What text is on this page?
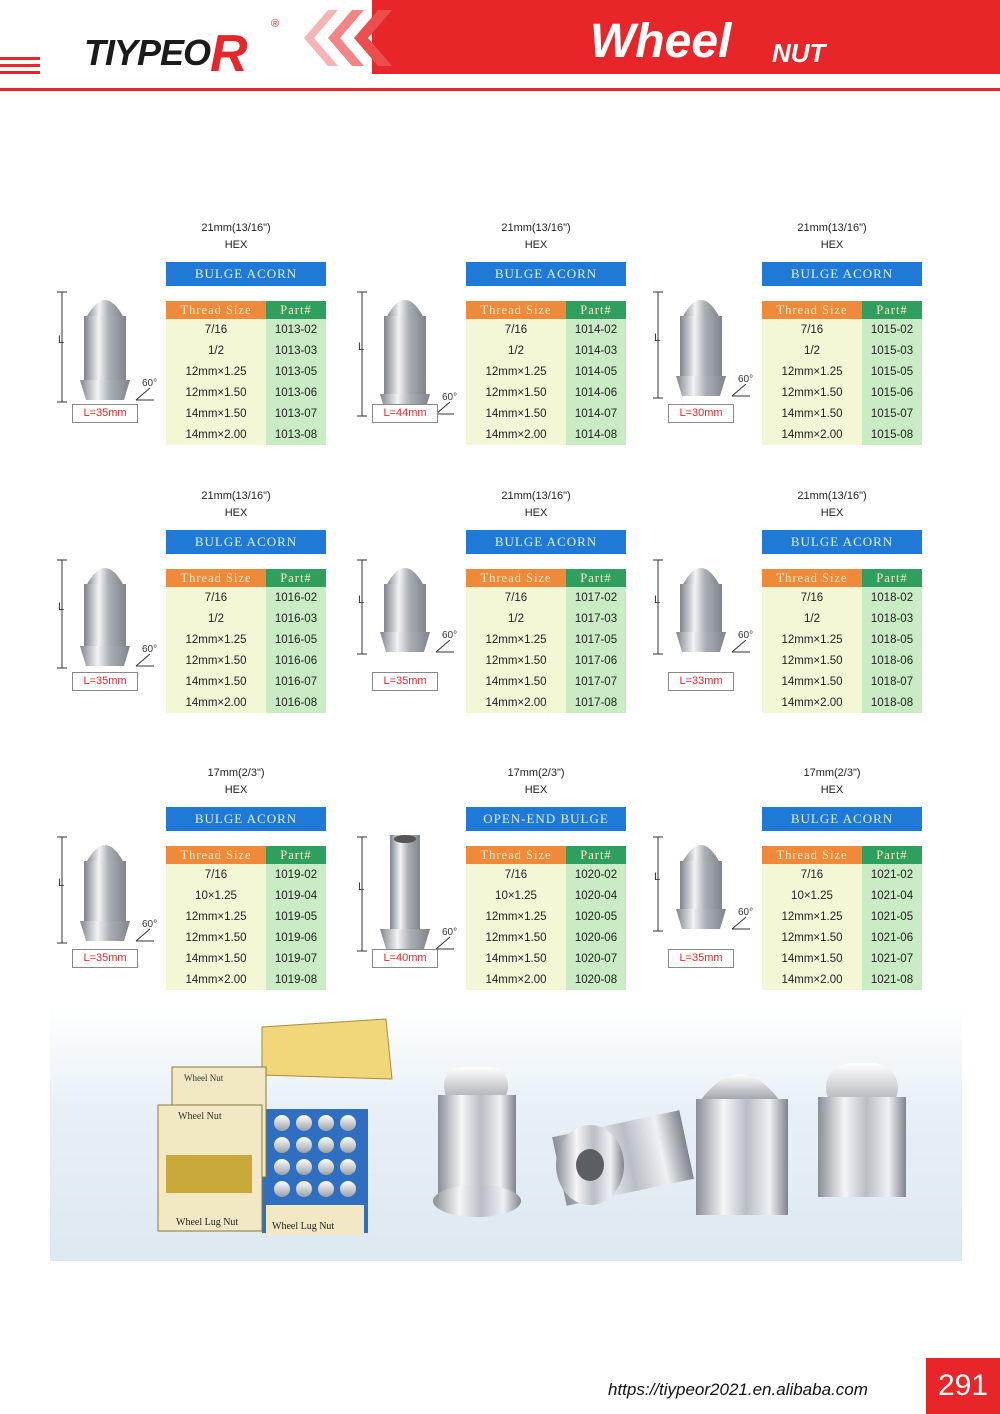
TIYPEOR
®	Wheel NUT
21mm(13/16")
HEX
BULGE ACORN
L
60°
L=35mm
Thread Size	Part#
7/16	1013-02
1/2	1013-03
12mm×1.25	1013-05
12mm×1.50	1013-06
14mm×1.50	1013-07
14mm×2.00	1013-08
21mm(13/16")
HEX
BULGE ACORN
L
60°
L=44mm
Thread Size	Part#
7/16	1014-02
1/2	1014-03
12mm×1.25	1014-05
12mm×1.50	1014-06
14mm×1.50	1014-07
14mm×2.00	1014-08
21mm(13/16")
HEX
BULGE ACORN
L
60°
L=30mm
Thread Size	Part#
7/16	1015-02
1/2	1015-03
12mm×1.25	1015-05
12mm×1.50	1015-06
14mm×1.50	1015-07
14mm×2.00	1015-08
21mm(13/16")
HEX
BULGE ACORN
L
60°
L=35mm
Thread Size	Part#
7/16	1016-02
1/2	1016-03
12mm×1.25	1016-05
12mm×1.50	1016-06
14mm×1.50	1016-07
14mm×2.00	1016-08
21mm(13/16")
HEX
BULGE ACORN
L
60°
L=35mm
Thread Size	Part#
7/16	1017-02
1/2	1017-03
12mm×1.25	1017-05
12mm×1.50	1017-06
14mm×1.50	1017-07
14mm×2.00	1017-08
21mm(13/16")
HEX
BULGE ACORN
L
60°
L=33mm
Thread Size	Part#
7/16	1018-02
1/2	1018-03
12mm×1.25	1018-05
12mm×1.50	1018-06
14mm×1.50	1018-07
14mm×2.00	1018-08
17mm(2/3")
HEX
BULGE ACORN
L
60°
L=35mm
Thread Size	Part#
7/16	1019-02
10×1.25	1019-04
12mm×1.25	1019-05
12mm×1.50	1019-06
14mm×1.50	1019-07
14mm×2.00	1019-08
17mm(2/3")
HEX
OPEN-END BULGE
L
60°
L=40mm
Thread Size	Part#
7/16	1020-02
10×1.25	1020-04
12mm×1.25	1020-05
12mm×1.50	1020-06
14mm×1.50	1020-07
14mm×2.00	1020-08
17mm(2/3")
HEX
BULGE ACORN
L
60°
L=35mm
Thread Size	Part#
7/16	1021-02
10×1.25	1021-04
12mm×1.25	1021-05
12mm×1.50	1021-06
14mm×1.50	1021-07
14mm×2.00	1021-08
Wheel Nut
Wheel Nut
Wheel Lug Nut	Wheel Lug Nut
https://tiypeor2021.en.alibaba.com	291
